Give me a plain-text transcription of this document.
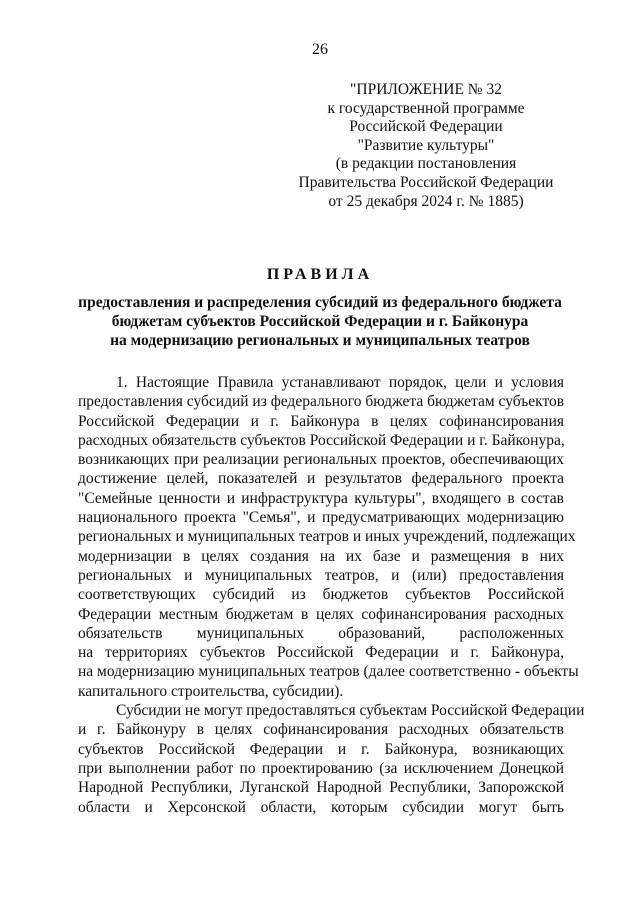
26
"ПРИЛОЖЕНИЕ № 32
к государственной программе
Российской Федерации
"Развитие культуры"
(в редакции постановления
Правительства Российской Федерации
от 25 декабря 2024 г. № 1885)
ПРАВИЛА
предоставления и распределения субсидий из федерального бюджета
бюджетам субъектов Российской Федерации и г. Байконура
на модернизацию региональных и муниципальных театров
1. Настоящие Правила устанавливают порядок, цели и условия
предоставления субсидий из федерального бюджета бюджетам субъектов
Российской Федерации и г. Байконура в целях софинансирования
расходных обязательств субъектов Российской Федерации и г. Байконура,
возникающих при реализации региональных проектов, обеспечивающих
достижение целей, показателей и результатов федерального проекта
"Семейные ценности и инфраструктура культуры", входящего в состав
национального проекта "Семья", и предусматривающих модернизацию
региональных и муниципальных театров и иных учреждений, подлежащих
модернизации в целях создания на их базе и размещения в них
региональных и муниципальных театров, и (или) предоставления
соответствующих субсидий из бюджетов субъектов Российской
Федерации местным бюджетам в целях софинансирования расходных
обязательств муниципальных образований, расположенных
на территориях субъектов Российской Федерации и г. Байконура,
на модернизацию муниципальных театров (далее соответственно - объекты
капитального строительства, субсидии).
Субсидии не могут предоставляться субъектам Российской Федерации
и г. Байконуру в целях софинансирования расходных обязательств
субъектов Российской Федерации и г. Байконура, возникающих
при выполнении работ по проектированию (за исключением Донецкой
Народной Республики, Луганской Народной Республики, Запорожской
области и Херсонской области, которым субсидии могут быть
